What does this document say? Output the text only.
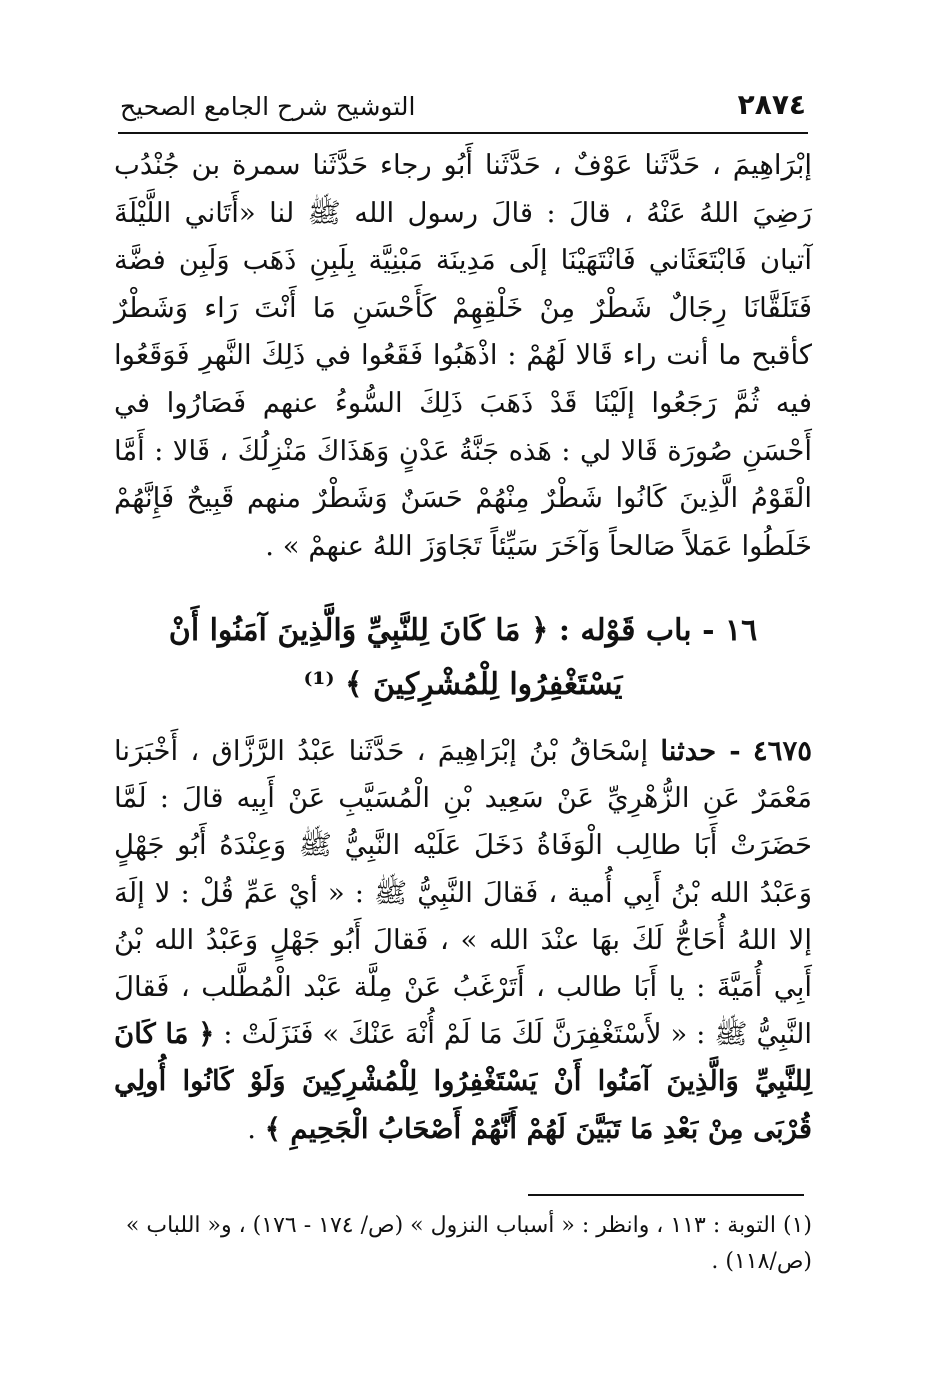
٢٨٧٤
التوشيح شرح الجامع الصحيح

إبْرَاهِيمَ ، حَدَّثَنا عَوْفٌ ، حَدَّثَنا أَبُو رجاء حَدَّثَنا سمرة بن جُنْدُب رَضِيَ اللهُ عَنْهُ ، قالَ : قالَ رسول الله ﷺ لنا «أَتَاني اللَّيْلَةَ آتيان فَابْتَعَثَاني فَانْتَهَيْنَا إلَى مَدِينَة مَبْنِيَّة بِلَبِنِ ذَهَب وَلَبِن فضَّة فَتَلَقَّانَا رِجَالٌ شَطْرٌ مِنْ خَلْقِهِمْ كَأَحْسَنِ مَا أَنْتَ رَاء وَشَطْرٌ كأقبح ما أنت راء قَالا لَهُمْ : اذْهَبُوا فَقَعُوا في ذَلِكَ النَّهرِ فَوَقَعُوا فيه ثُمَّ رَجَعُوا إلَيْنَا قَدْ ذَهَبَ ذَلِكَ السُّوءُ عنهم فَصَارُوا في أَحْسَنِ صُورَة قَالا لي : هَذه جَنَّةُ عَدْنٍ وَهَذَاكَ مَنْزِلُكَ ، قَالا : أَمَّا الْقَوْمُ الَّذِينَ كَانُوا شَطْرٌ مِنْهُمْ حَسَنٌ وَشَطْرٌ منهم قَبِيحٌ فَإِنَّهُمْ خَلَطُوا عَمَلاً صَالحاً وَآخَرَ سَيِّئاً تَجَاوَزَ اللهُ عنهمْ » .

١٦ - باب قَوْله : ﴿ مَا كَانَ لِلنَّبِيِّ وَالَّذِينَ آمَنُوا أَنْ
يَسْتَغْفِرُوا لِلْمُشْرِكِينَ ﴾ ⁽¹⁾

٤٦٧٥ - حدثنا إسْحَاقُ بْنُ إبْرَاهِيمَ ، حَدَّثَنا عَبْدُ الرَّزَّاق ، أَخْبَرَنا مَعْمَرٌ عَنِ الزُّهْرِيِّ عَنْ سَعِيد بْنِ الْمُسَيَّبِ عَنْ أَبِيه قالَ : لَمَّا حَضَرَتْ أَبَا طالِب الْوَفَاةُ دَخَلَ عَلَيْه النَّبِيُّ ﷺ وَعِنْدَهُ أَبُو جَهْلٍ وَعَبْدُ الله بْنُ أَبِي أُمية ، فَقالَ النَّبِيُّ ﷺ : « أيْ عَمِّ قُلْ : لا إلَهَ إلا اللهُ أُحَاجُّ لَكَ بهَا عنْدَ الله » ، فَقالَ أَبُو جَهْلٍ وَعَبْدُ الله بْنُ أَبِي أُمَيَّةَ : يا أَبَا طالب ، أَتَرْغَبُ عَنْ مِلَّة عَبْد الْمُطَّلب ، فَقالَ النَّبِيُّ ﷺ : « لأَسْتَغْفِرَنَّ لَكَ مَا لَمْ أُنْهَ عَنْكَ » فَنَزَلَتْ : ﴿ مَا كَانَ لِلنَّبِيِّ وَالَّذِينَ آمَنُوا أَنْ يَسْتَغْفِرُوا لِلْمُشْرِكِينَ وَلَوْ كَانُوا أُولِي قُرْبَى مِنْ بَعْدِ مَا تَبَيَّنَ لَهُمْ أَنَّهُمْ أَصْحَابُ الْجَحِيمِ ﴾ .

(١) التوبة : ١١٣ ، وانظر : « أسباب النزول » (ص/ ١٧٤ - ١٧٦) ، و« اللباب »

(ص/١١٨) .
